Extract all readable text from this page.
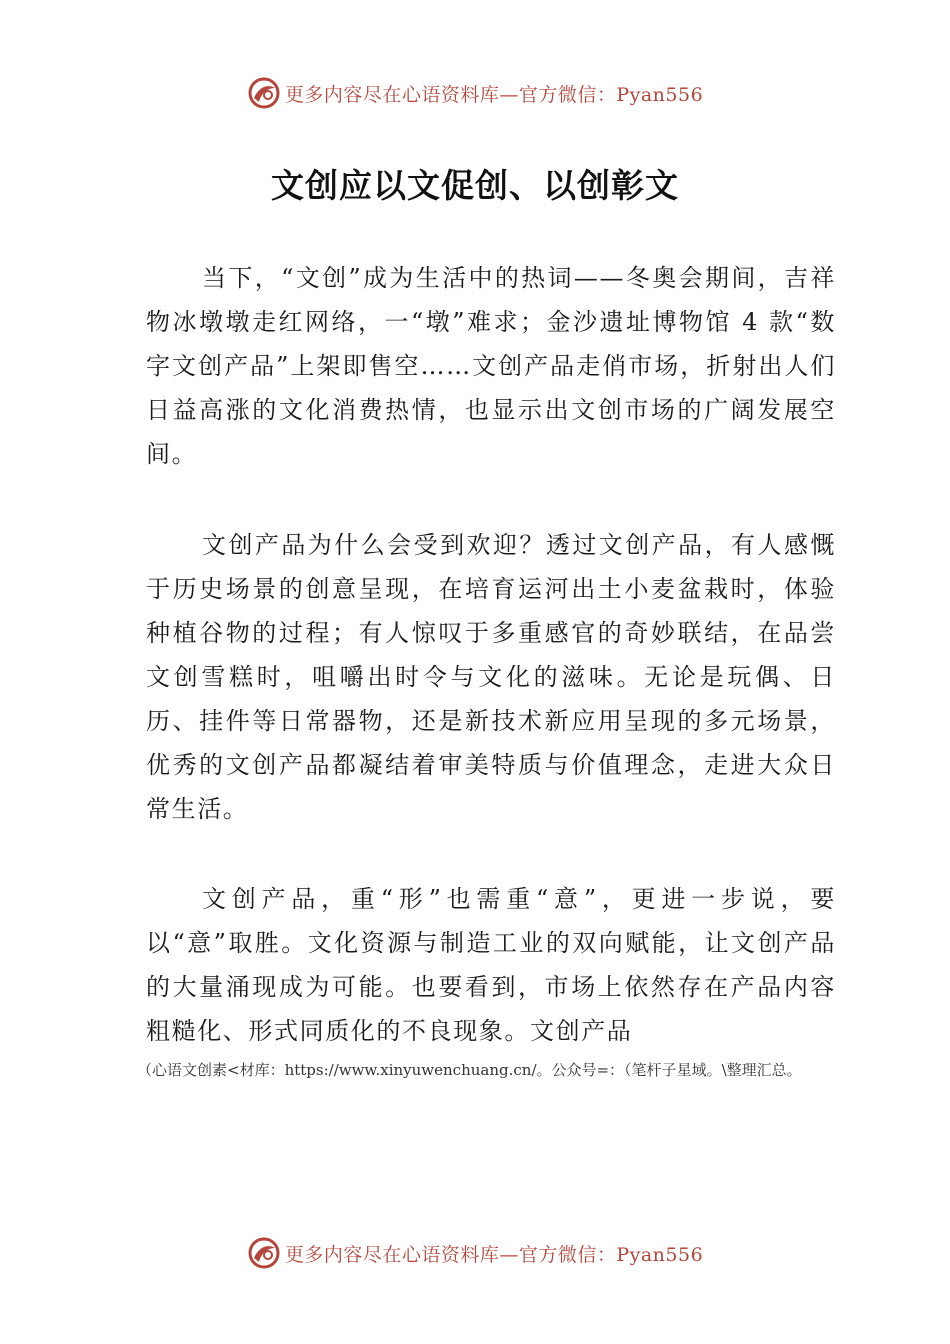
更多内容尽在心语资料库—官方微信：Pyan556
文创应以文促创、以创彰文

当下，“文创”成为生活中的热词——冬奥会期间，吉祥物冰墩墩走红网络，一“墩”难求；金沙遗址博物馆 4 款“数字文创产品”上架即售空……文创产品走俏市场，折射出人们日益高涨的文化消费热情，也显示出文创市场的广阔发展空间。

文创产品为什么会受到欢迎？透过文创产品，有人感慨于历史场景的创意呈现，在培育运河出土小麦盆栽时，体验种植谷物的过程；有人惊叹于多重感官的奇妙联结，在品尝文创雪糕时，咀嚼出时令与文化的滋味。无论是玩偶、日历、挂件等日常器物，还是新技术新应用呈现的多元场景，优秀的文创产品都凝结着审美特质与价值理念，走进大众日常生活。

文创产品，重“形”也需重“意”，更进一步说，要以“意”取胜。文化资源与制造工业的双向赋能，让文创产品的大量涌现成为可能。也要看到，市场上依然存在产品内容粗糙化、形式同质化的不良现象。文创产品

（心语文创素<材库：https://www.xinyuwenchuang.cn/。公众号=：（笔杆子星域。\整理汇总。

更多内容尽在心语资料库—官方微信：Pyan556
